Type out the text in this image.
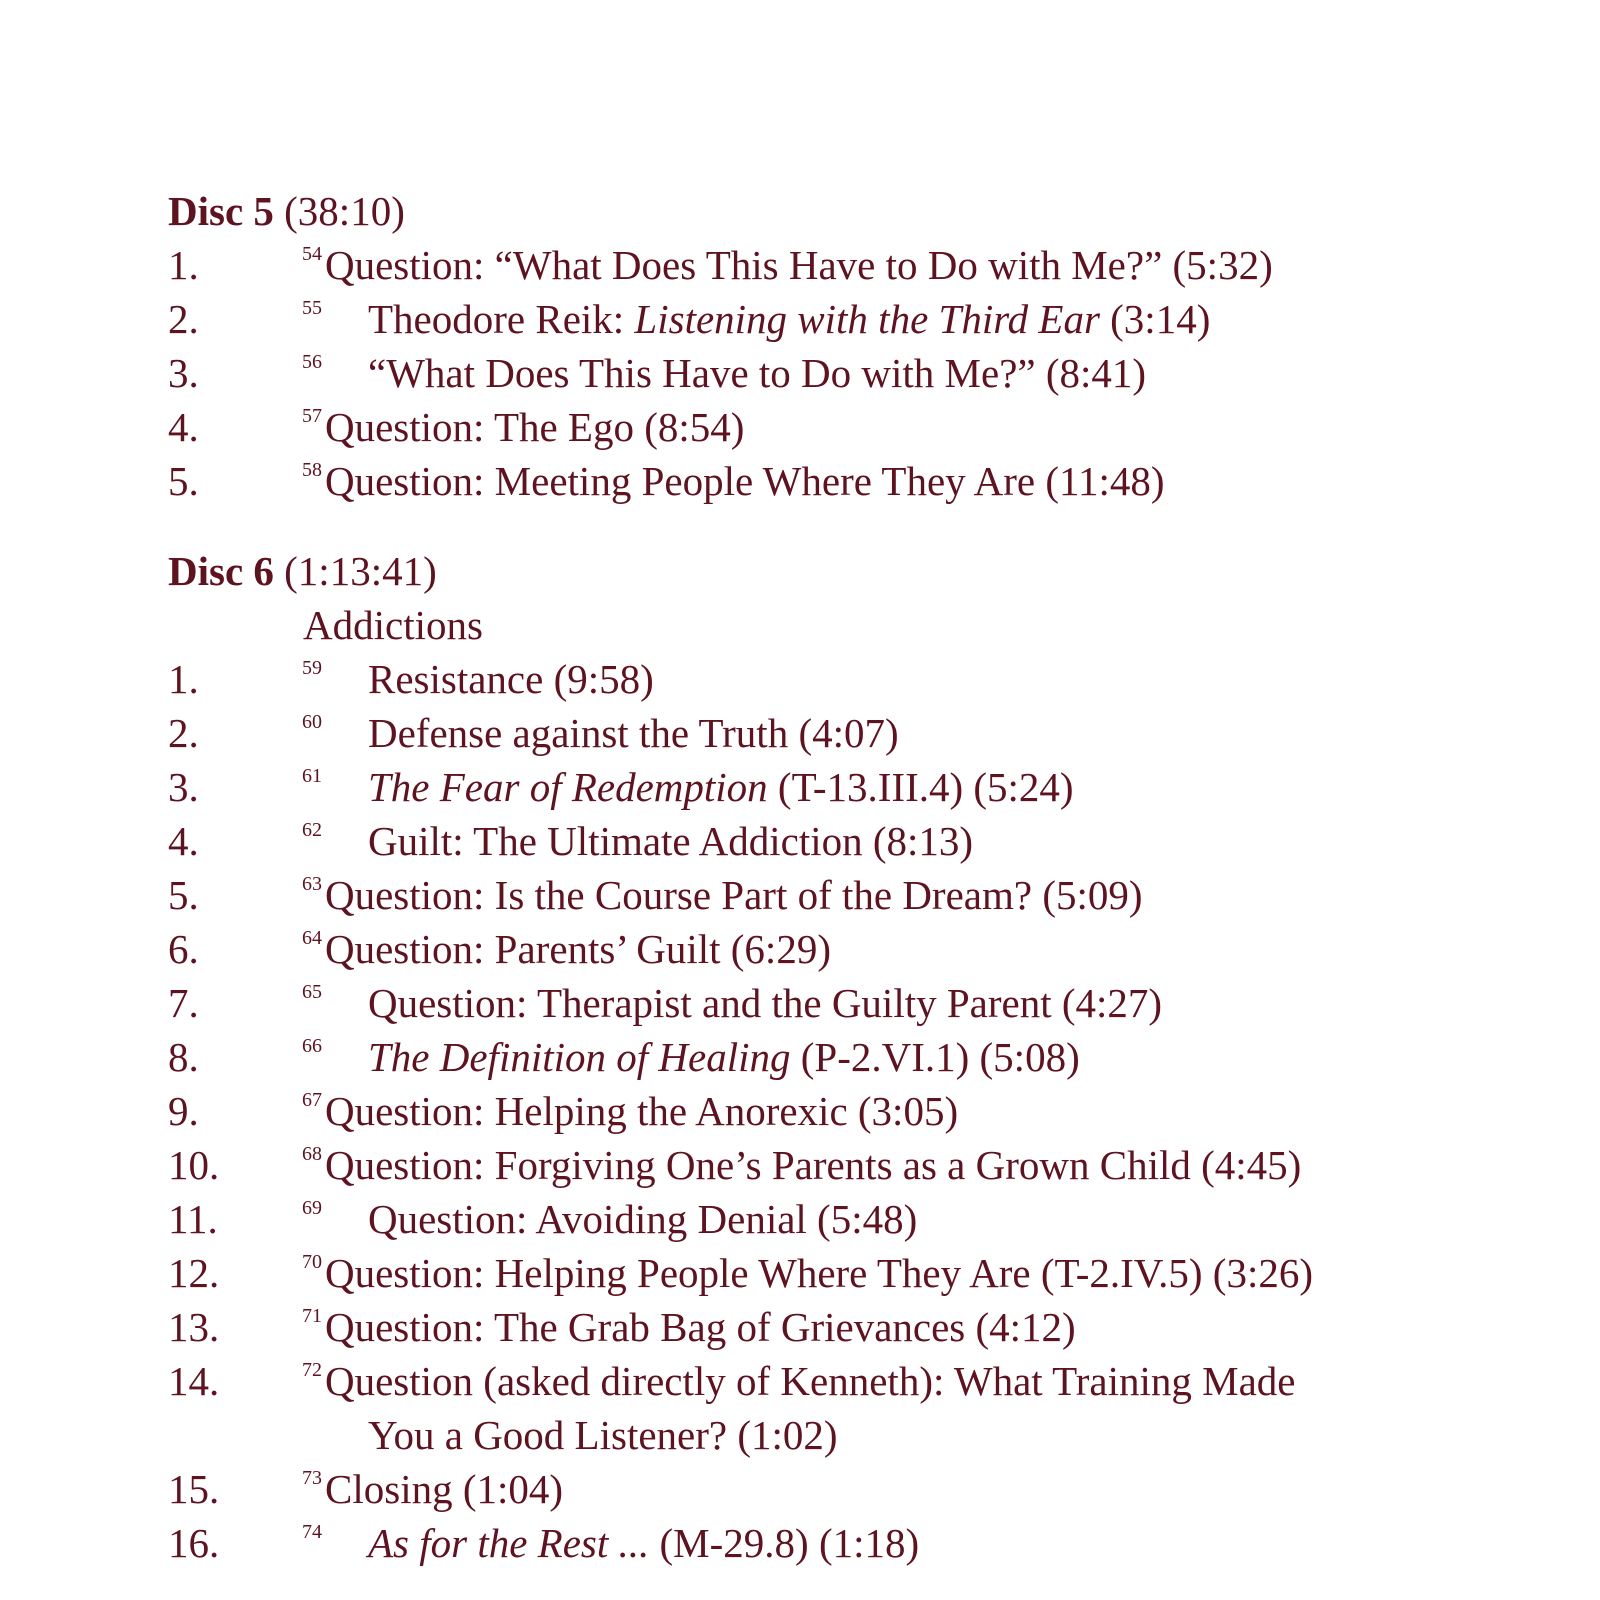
Disc 5 (38:10)
1.	54 Question: “What Does This Have to Do with Me?” (5:32)
2.	55	Theodore Reik: Listening with the Third Ear (3:14)
3.	56	“What Does This Have to Do with Me?” (8:41)
4.	57 Question: The Ego (8:54)
5.	58 Question: Meeting People Where They Are (11:48)
Disc 6 (1:13:41)
Addictions
1.	59	Resistance (9:58)
2.	60	Defense against the Truth (4:07)
3.	61	The Fear of Redemption (T-13.III.4) (5:24)
4.	62	Guilt: The Ultimate Addiction (8:13)
5.	63 Question: Is the Course Part of the Dream? (5:09)
6.	64 Question: Parents’ Guilt (6:29)
7.	65	Question: Therapist and the Guilty Parent (4:27)
8.	66	The Definition of Healing (P-2.VI.1) (5:08)
9.	67 Question: Helping the Anorexic (3:05)
10.	68 Question: Forgiving One’s Parents as a Grown Child (4:45)
11.	69	Question: Avoiding Denial (5:48)
12.	70 Question: Helping People Where They Are (T-2.IV.5) (3:26)
13.	71 Question: The Grab Bag of Grievances (4:12)
14.	72 Question (asked directly of Kenneth): What Training Made
You a Good Listener? (1:02)
15.	73 Closing (1:04)
16.	74	As for the Rest ... (M-29.8) (1:18)
